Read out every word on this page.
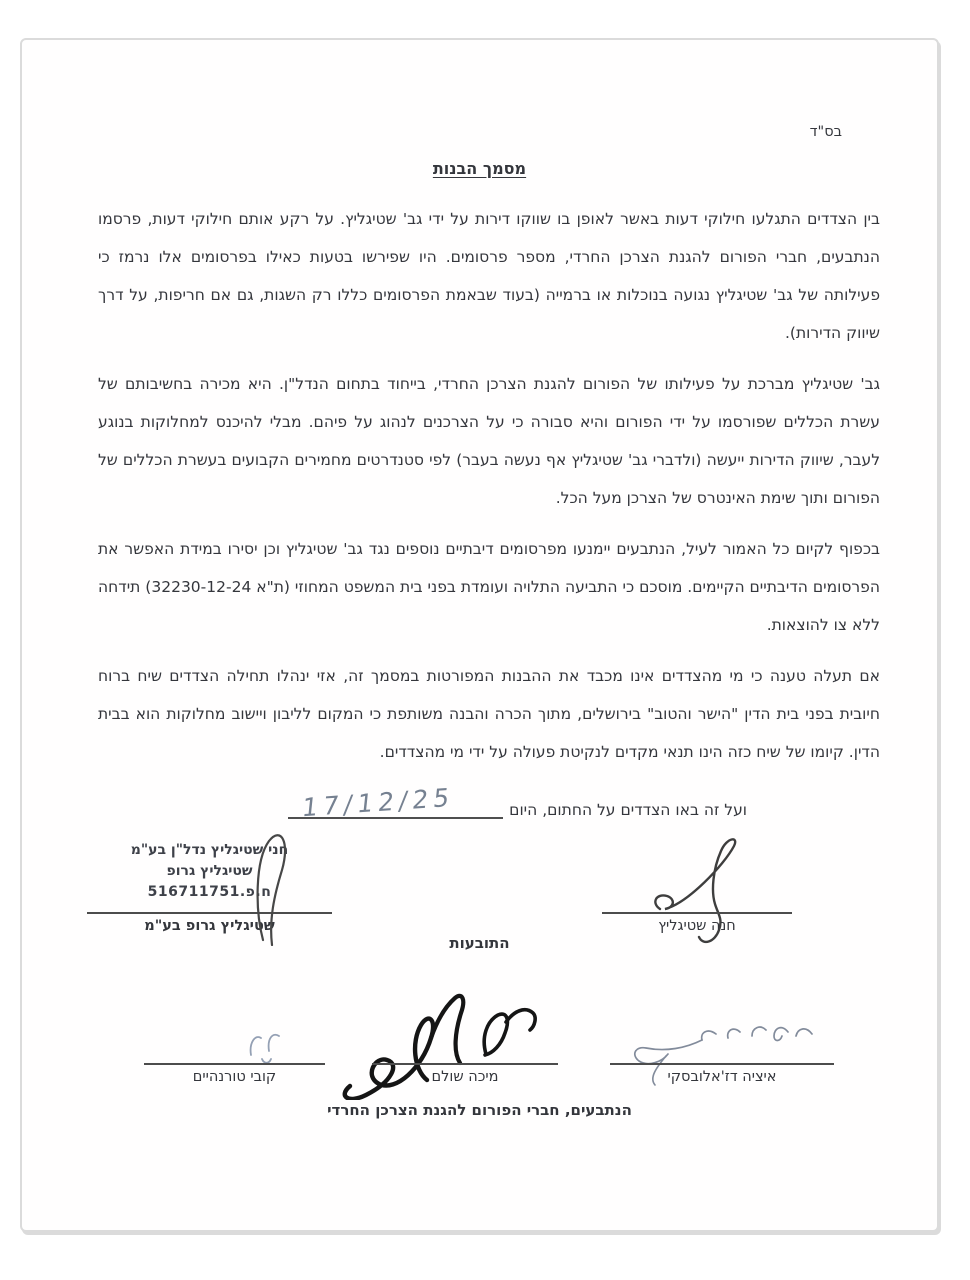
בס"ד
מסמך הבנות

בין הצדדים התגלעו חילוקי דעות באשר לאופן בו שווקו דירות על ידי גב' שטיגליץ. על רקע אותם חילוקי דעות, פרסמו הנתבעים, חברי הפורום להגנת הצרכן החרדי, מספר פרסומים. היו שפירשו בטעות כאילו בפרסומים אלו נרמז כי פעילותה של גב' שטיגליץ נגועה בנוכלות או ברמייה (בעוד שבאמת הפרסומים כללו רק השגות, גם אם חריפות, על דרך שיווק הדירות).

גב' שטיגליץ מברכת על פעילותו של הפורום להגנת הצרכן החרדי, בייחוד בתחום הנדל"ן. היא מכירה בחשיבותם של עשרת הכללים שפורסמו על ידי הפורום והיא סבורה כי על הצרכנים לנהוג על פיהם. מבלי להיכנס למחלוקות בנוגע לעבר, שיווק הדירות ייעשה (ולדברי גב' שטיגליץ אף נעשה בעבר) לפי סטנדרטים מחמירים הקבועים בעשרת הכללים של הפורום ותוך שימת האינטרס של הצרכן מעל הכל.

בכפוף לקיום כל האמור לעיל, הנתבעים יימנעו מפרסומים דיבתיים נוספים נגד גב' שטיגליץ וכן יסירו במידת האפשר את הפרסומים הדיבתיים הקיימים. מוסכם כי התביעה התלויה ועומדת בפני בית המשפט המחוזי (ת"א 32230-12-24) תידחה ללא צו להוצאות.

אם תעלה טענה כי מי מהצדדים אינו מכבד את ההבנות המפורטות במסמך זה, אזי ינהלו תחילה הצדדים שיח ברוח חיובית בפני בית הדין "הישר והטוב" בירושלים, מתוך הכרה והבנה משותפת כי המקום לליבון ויישוב מחלוקות הוא בבית הדין. קיומו של שיח כזה הינו תנאי מקדים לנקיטת פעולה על ידי מי מהצדדים.

ועל זה באו הצדדים על החתום, היום
17/12/25
חני שטיגליץ נדל"ן בע"מ
שטיגליץ גרופ
ח.פ.516711751
שטיגליץ גרופ בע"מ	חנה שטיגליץ
התובעות
קובי טורנהיים	מיכה שולם	איציה דז'אלובסקי
הנתבעים, חברי הפורום להגנת הצרכן החרדי
